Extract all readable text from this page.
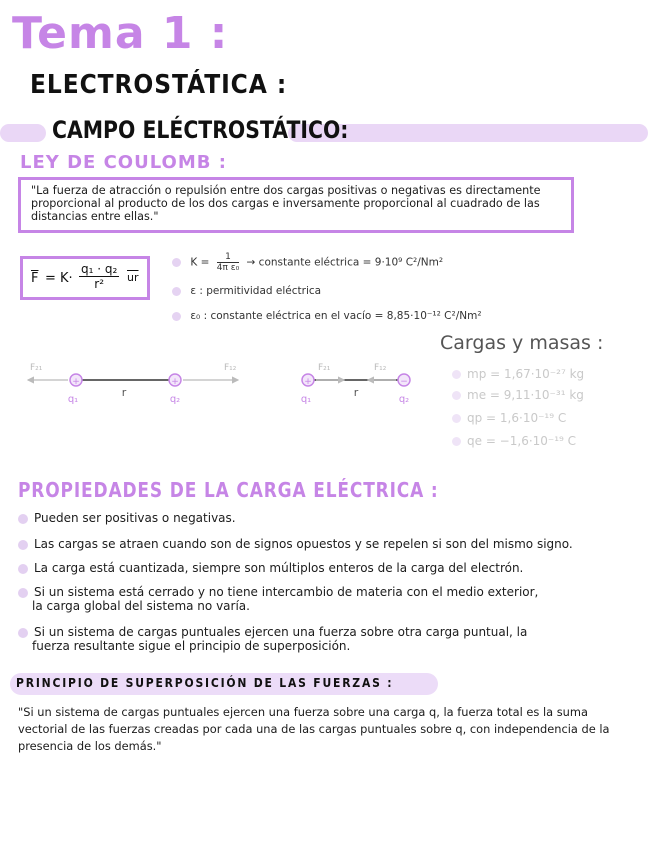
Tema 1 :
ELECTROSTÁTICA :
CAMPO ELÉCTROSTÁTICO:
LEY DE COULOMB :
"La fuerza de atracción o repulsión entre dos cargas positivas o negativas es directamente proporcional al producto de los dos cargas e inversamente proporcional al cuadrado de las distancias entre ellas."
$\overline{F} = K\cdot \frac{\text{q₁ · q₂}}{\text{r²}} \overline{ur}$
$K = \frac{1}{\text{4π ε₀}}$ → constante eléctrica = 9·10⁹ C²/Nm²
ε : permitividad eléctrica
ε₀ : constante eléctrica en el vacío = 8,85·10⁻¹² C²/Nm²
+	+
F₂₁	F₁₂
r
q₁	q₂
+	−
F₂₁	F₁₂
r
q₁	q₂
Cargas y masas :
mp = 1,67·10⁻²⁷ kg
me = 9,11·10⁻³¹ kg
qp = 1,6·10⁻¹⁹ C
qe = −1,6·10⁻¹⁹ C
PROPIEDADES DE LA CARGA ELÉCTRICA :
Pueden ser positivas o negativas.
Las cargas se atraen cuando son de signos opuestos y se repelen si son del mismo signo.
La carga está cuantizada, siempre son múltiplos enteros de la carga del electrón.
Si un sistema está cerrado y no tiene intercambio de materia con el medio exterior,
la carga global del sistema no varía.
Si un sistema de cargas puntuales ejercen una fuerza sobre otra carga puntual, la
fuerza resultante sigue el principio de superposición.
PRINCIPIO DE SUPERPOSICIÓN DE LAS FUERZAS :
"Si un sistema de cargas puntuales ejercen una fuerza sobre una carga q, la fuerza total es la suma vectorial de las fuerzas creadas por cada una de las cargas puntuales sobre q, con independencia de la presencia de los demás."
